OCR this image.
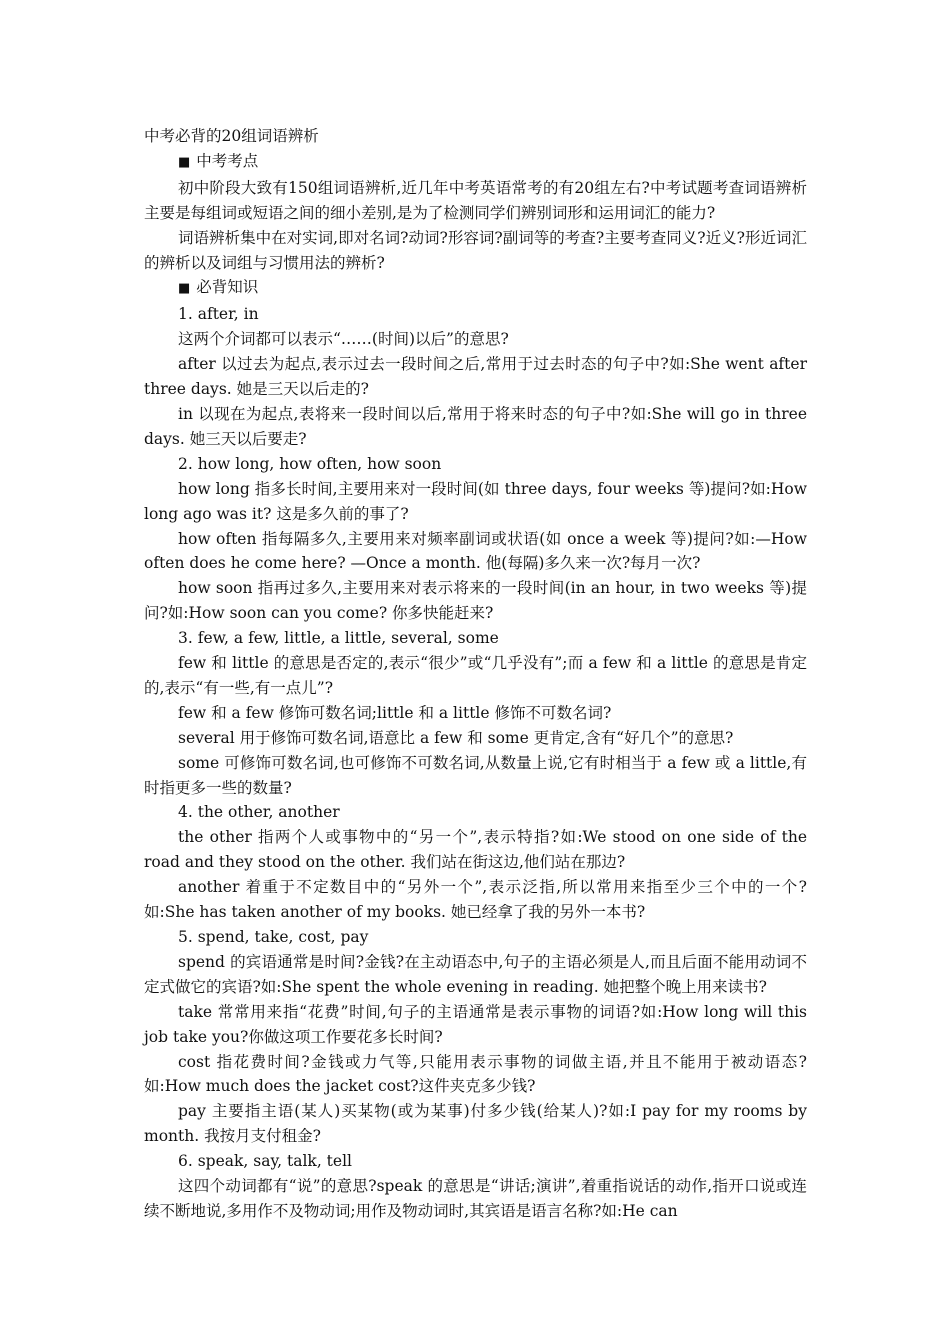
中考必背的20组词语辨析

■ 中考考点

初中阶段大致有150组词语辨析,近几年中考英语常考的有20组左右?中考试题考查词语辨析主要是每组词或短语之间的细小差别,是为了检测同学们辨别词形和运用词汇的能力?

词语辨析集中在对实词,即对名词?动词?形容词?副词等的考查?主要考查同义?近义?形近词汇的辨析以及词组与习惯用法的辨析?

■ 必背知识

1. after, in

这两个介词都可以表示“……(时间)以后”的意思?

after 以过去为起点,表示过去一段时间之后,常用于过去时态的句子中?如:She went after three days. 她是三天以后走的?

in 以现在为起点,表将来一段时间以后,常用于将来时态的句子中?如:She will go in three days. 她三天以后要走?

2. how long, how often, how soon

how long 指多长时间,主要用来对一段时间(如 three days, four weeks 等)提问?如:How long ago was it? 这是多久前的事了?

how often 指每隔多久,主要用来对频率副词或状语(如 once a week 等)提问?如:—How often does he come here? —Once a month. 他(每隔)多久来一次?每月一次?

how soon 指再过多久,主要用来对表示将来的一段时间(in an hour, in two weeks 等)提问?如:How soon can you come? 你多快能赶来?

3. few, a few, little, a little, several, some

few 和 little 的意思是否定的,表示“很少”或“几乎没有”;而 a few 和 a little 的意思是肯定的,表示“有一些,有一点儿”?

few 和 a few 修饰可数名词;little 和 a little 修饰不可数名词?

several 用于修饰可数名词,语意比 a few 和 some 更肯定,含有“好几个”的意思?

some 可修饰可数名词,也可修饰不可数名词,从数量上说,它有时相当于 a few 或 a little,有时指更多一些的数量?

4. the other, another

the other 指两个人或事物中的“另一个”,表示特指?如:We stood on one side of the road and they stood on the other. 我们站在街这边,他们站在那边?

another 着重于不定数目中的“另外一个”,表示泛指,所以常用来指至少三个中的一个?如:She has taken another of my books. 她已经拿了我的另外一本书?

5. spend, take, cost, pay

spend 的宾语通常是时间?金钱?在主动语态中,句子的主语必须是人,而且后面不能用动词不定式做它的宾语?如:She spent the whole evening in reading. 她把整个晚上用来读书?

take 常常用来指“花费”时间,句子的主语通常是表示事物的词语?如:How long will this job take you?你做这项工作要花多长时间?

cost 指花费时间?金钱或力气等,只能用表示事物的词做主语,并且不能用于被动语态?如:How much does the jacket cost?这件夹克多少钱?

pay 主要指主语(某人)买某物(或为某事)付多少钱(给某人)?如:I pay for my rooms by month. 我按月支付租金?

6. speak, say, talk, tell

这四个动词都有“说”的意思?speak 的意思是“讲话;演讲”,着重指说话的动作,指开口说或连续不断地说,多用作不及物动词;用作及物动词时,其宾语是语言名称?如:He can
